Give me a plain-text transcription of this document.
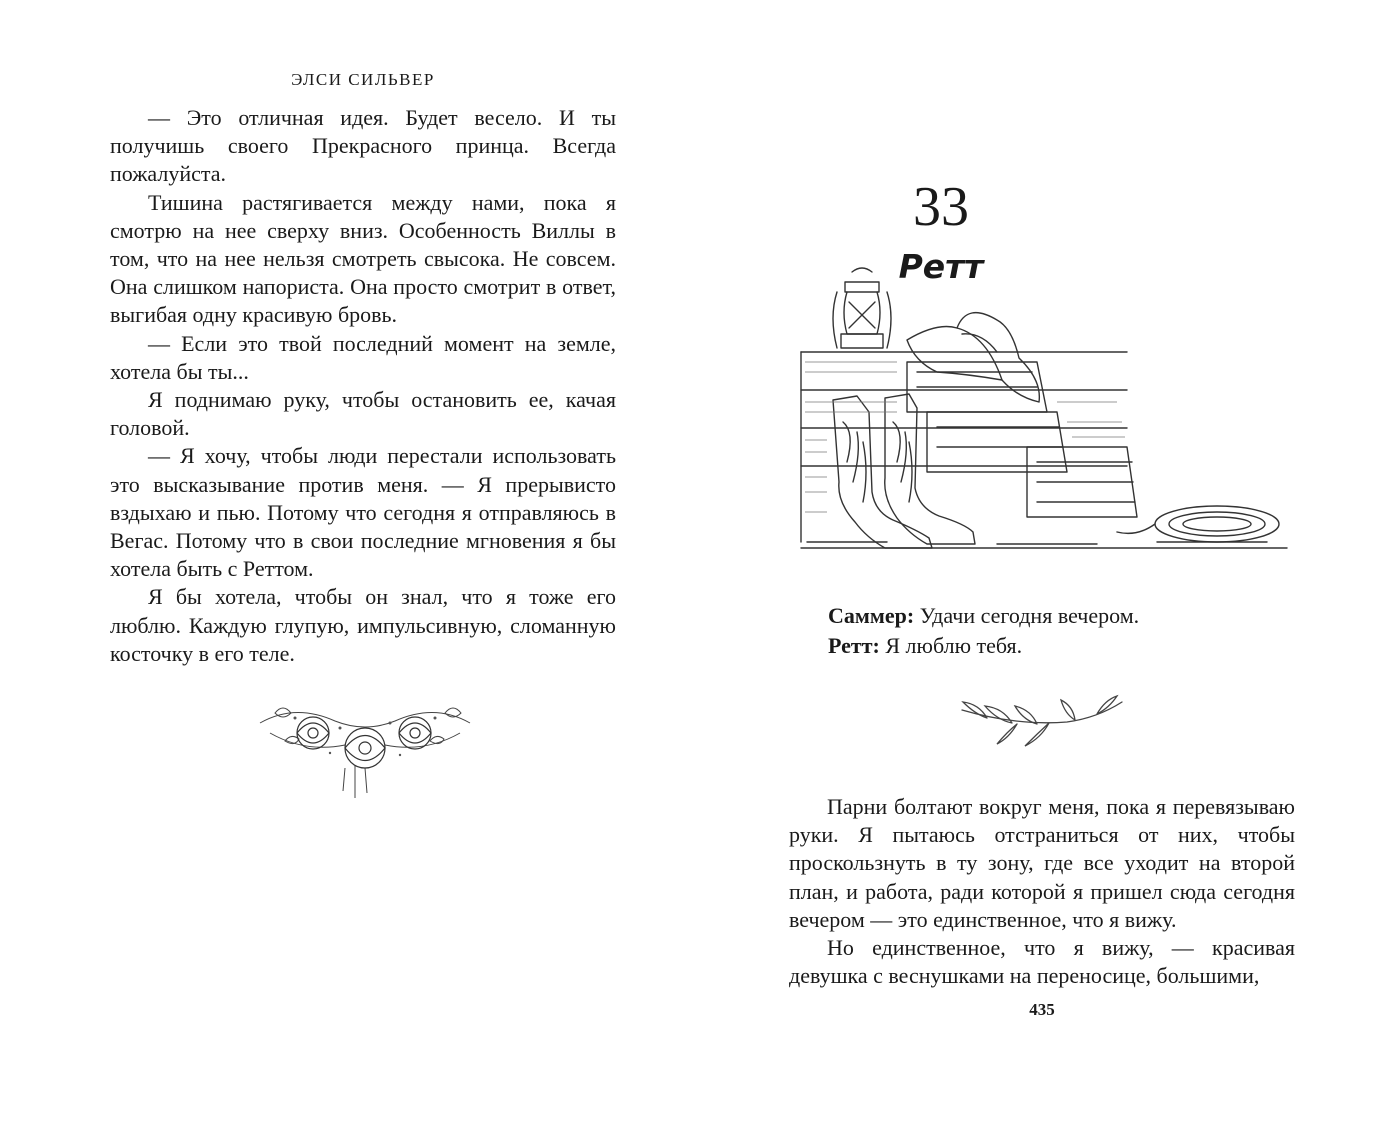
ЭЛСИ СИЛЬВЕР

— Это отличная идея. Будет весело. И ты получишь своего Прекрасного принца. Всегда пожалуйста.

Тишина растягивается между нами, пока я смотрю на нее сверху вниз. Особенность Виллы в том, что на нее нельзя смотреть свысока. Не совсем. Она слишком напориста. Она просто смотрит в ответ, выгибая одну красивую бровь.

— Если это твой последний момент на земле, хотела бы ты...

Я поднимаю руку, чтобы остановить ее, качая головой.

— Я хочу, чтобы люди перестали использовать это высказывание против меня. — Я прерывисто вздыхаю и пью. Потому что сегодня я отправляюсь в Вегас. Потому что в свои последние мгновения я бы хотела быть с Реттом.

Я бы хотела, чтобы он знал, что я тоже его люблю. Каждую глупую, импульсивную, сломанную косточку в его теле.

33
Ретт
Саммер: Удачи сегодня вечером.
Ретт: Я люблю тебя.

Парни болтают вокруг меня, пока я перевязываю руки. Я пытаюсь отстраниться от них, чтобы проскользнуть в ту зону, где все уходит на второй план, и работа, ради которой я пришел сюда сегодня вечером — это единственное, что я вижу.

Но единственное, что я вижу, — красивая девушка с веснушками на переносице, большими,

435
